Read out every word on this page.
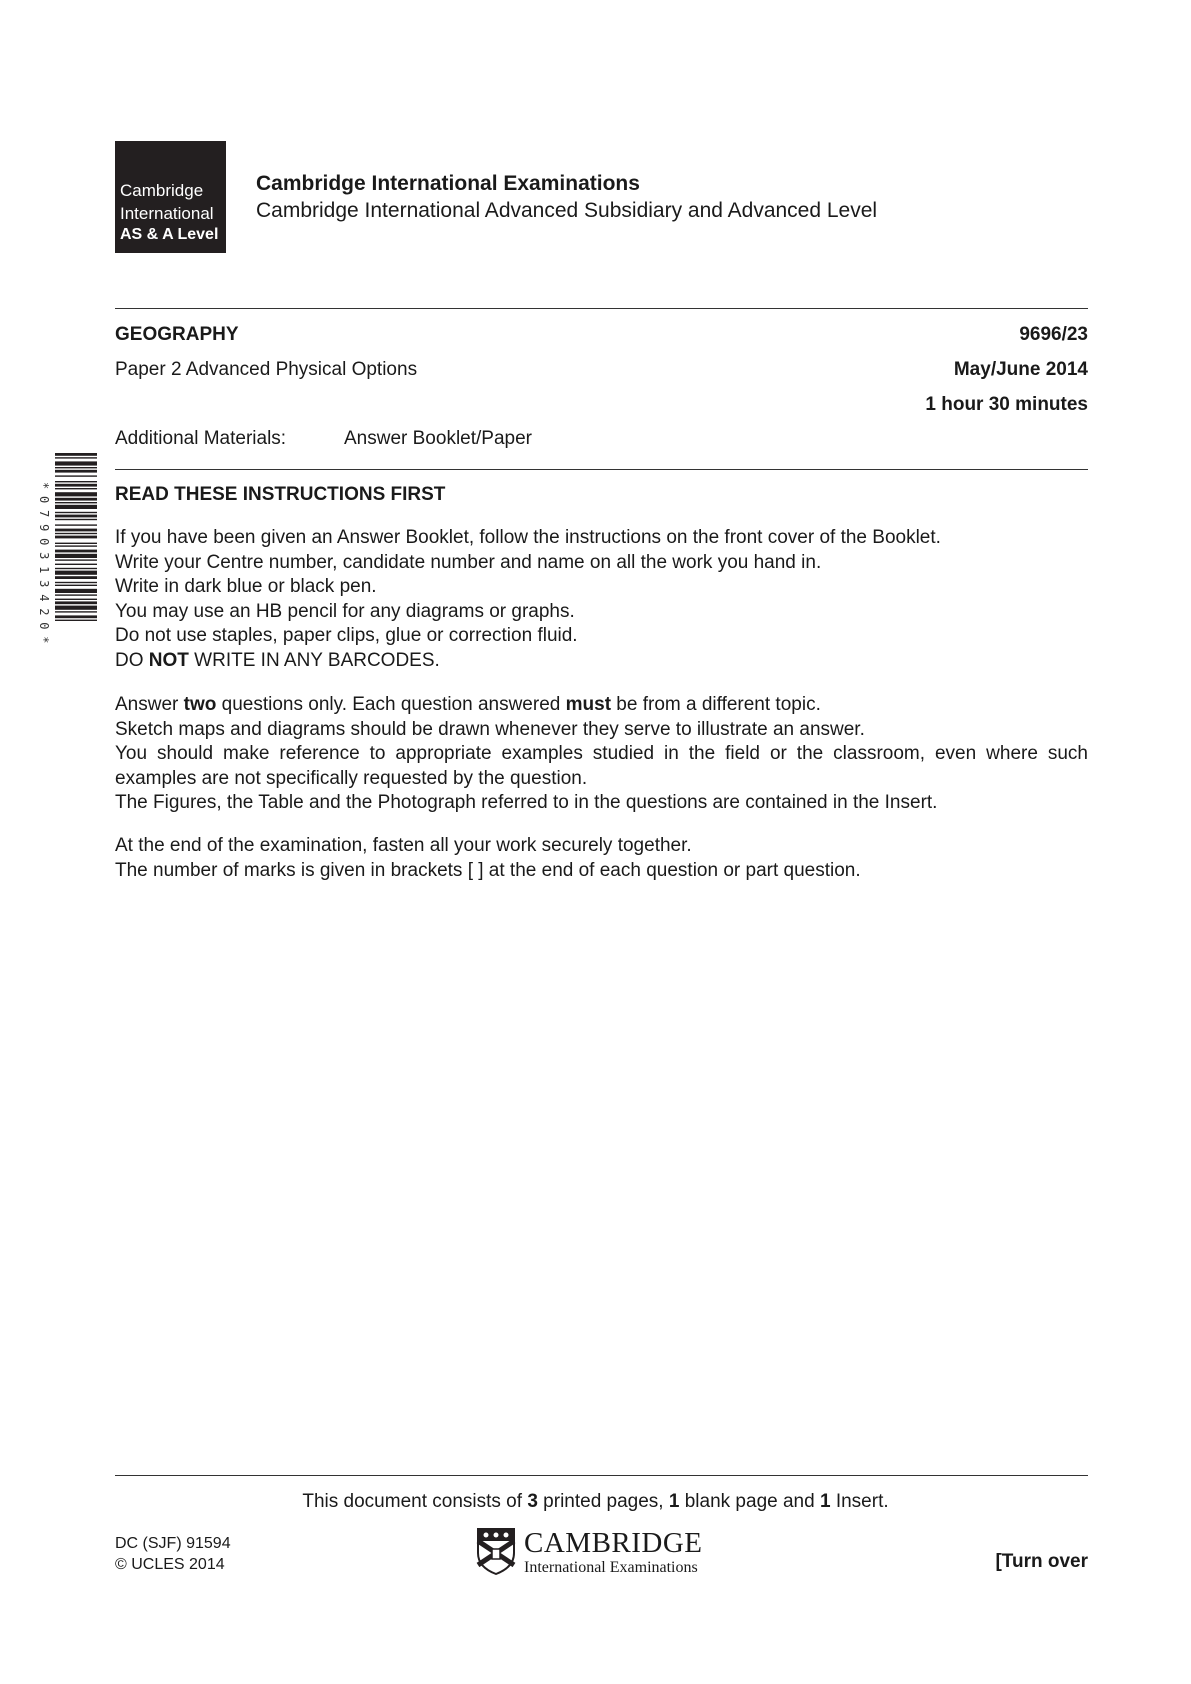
Cambridge
International
AS & A Level
Cambridge International Examinations
Cambridge International Advanced Subsidiary and Advanced Level
GEOGRAPHY	9696/23
Paper 2 Advanced Physical Options	May/June 2014
1 hour 30 minutes
Additional Materials:	Answer Booklet/Paper
*0790313420*	READ THESE INSTRUCTIONS FIRST
If you have been given an Answer Booklet, follow the instructions on the front cover of the Booklet.
Write your Centre number, candidate number and name on all the work you hand in.
Write in dark blue or black pen.
You may use an HB pencil for any diagrams or graphs.
Do not use staples, paper clips, glue or correction fluid.
DO NOT WRITE IN ANY BARCODES.
Answer two questions only. Each question answered must be from a different topic.
Sketch maps and diagrams should be drawn whenever they serve to illustrate an answer.
You should make reference to appropriate examples studied in the field or the classroom, even where such
examples are not specifically requested by the question.
The Figures, the Table and the Photograph referred to in the questions are contained in the Insert.
At the end of the examination, fasten all your work securely together.
The number of marks is given in brackets [ ] at the end of each question or part question.
This document consists of 3 printed pages, 1 blank page and 1 Insert.
DC (SJF) 91594
© UCLES 2014
CAMBRIDGE
International Examinations	[Turn over
